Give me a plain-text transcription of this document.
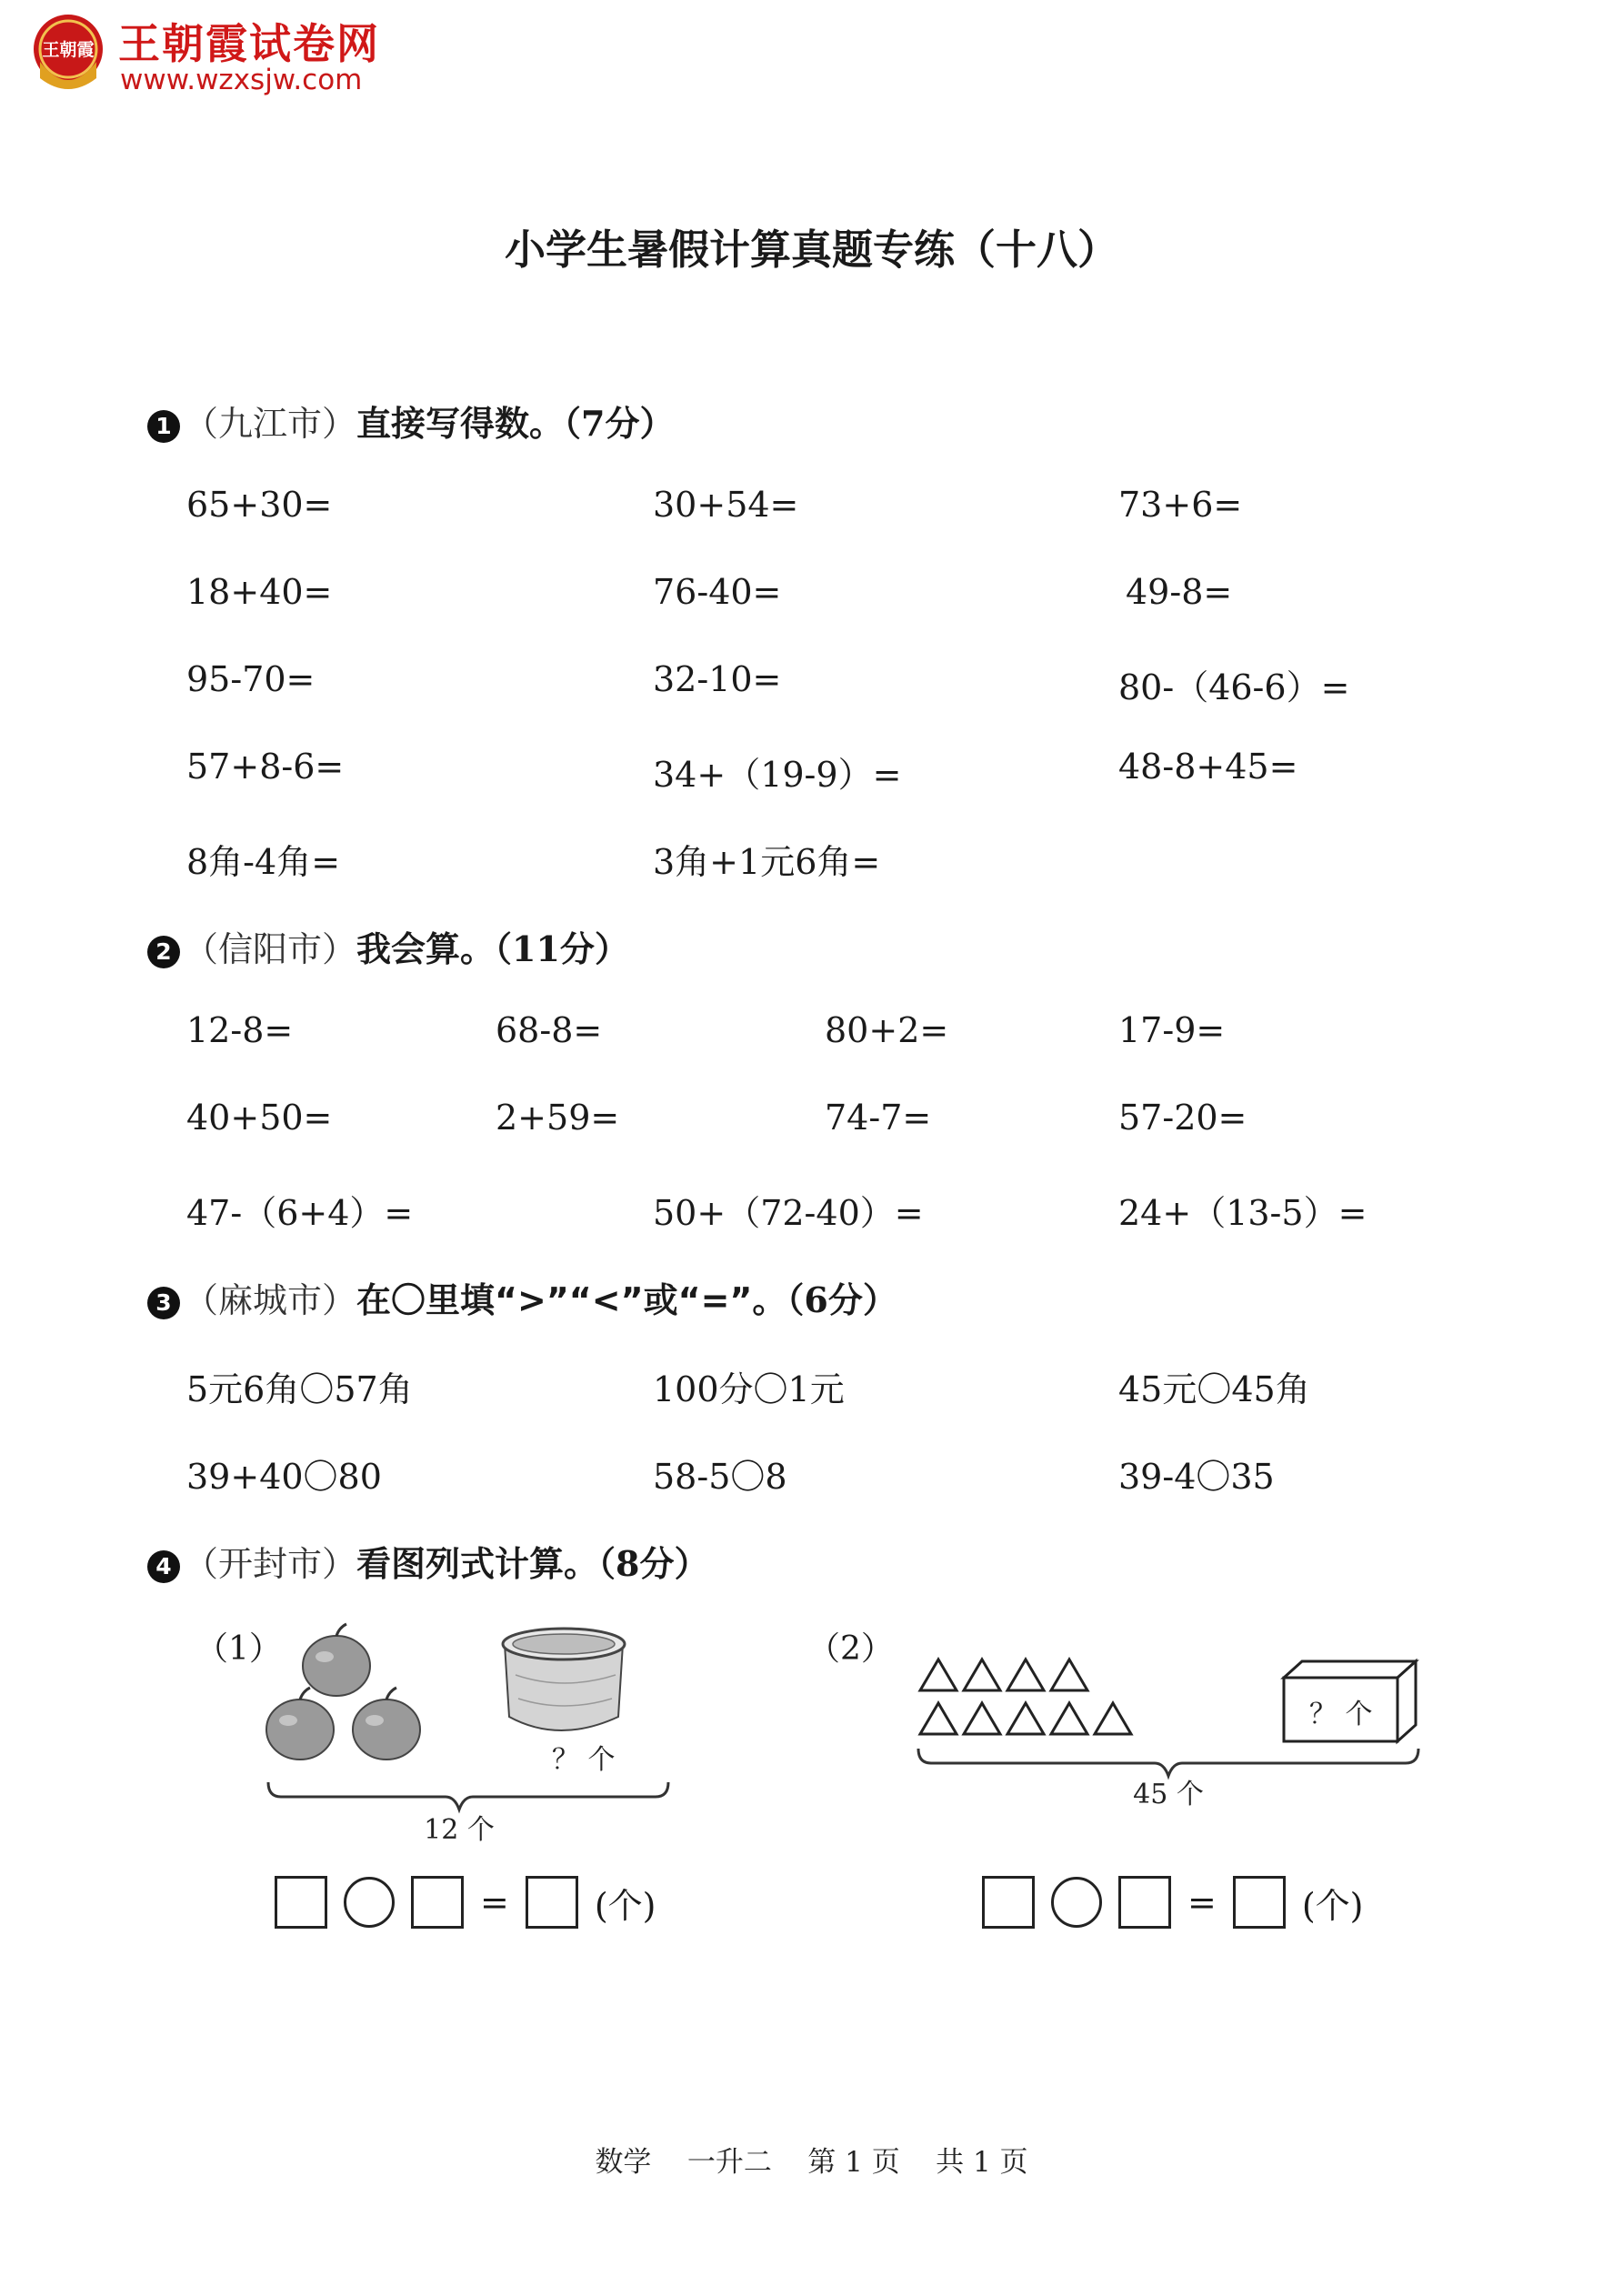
王朝霞 王朝霞试卷网
www.wzxsjw.com
小学生暑假计算真题专练（十八）
1 （九江市）直接写得数。（7分）
65+30=	30+54=	73+6=
18+40=	76-40=	49-8=
95-70=	32-10=	80-（46-6）=
57+8-6=	34+（19-9）=	48-8+45=
8角-4角=	3角+1元6角=
2 （信阳市）我会算。（11分）
12-8=	68-8=	80+2=	17-9=
40+50=	2+59=	74-7=	57-20=
47-（6+4）=	50+（72-40）=	24+（13-5）=
3 （麻城市）在〇里填“>”“<”或“=”。（6分）
5元6角〇57角	100分〇1元	45元〇45角
39+40〇80	58-5〇8	39-4〇35
4 （开封市）看图列式计算。（8分）
（1）
？ 个
12 个
= (个)
（2）
？ 个
45 个
= (个)
数学    一升二    第 1 页    共 1 页
